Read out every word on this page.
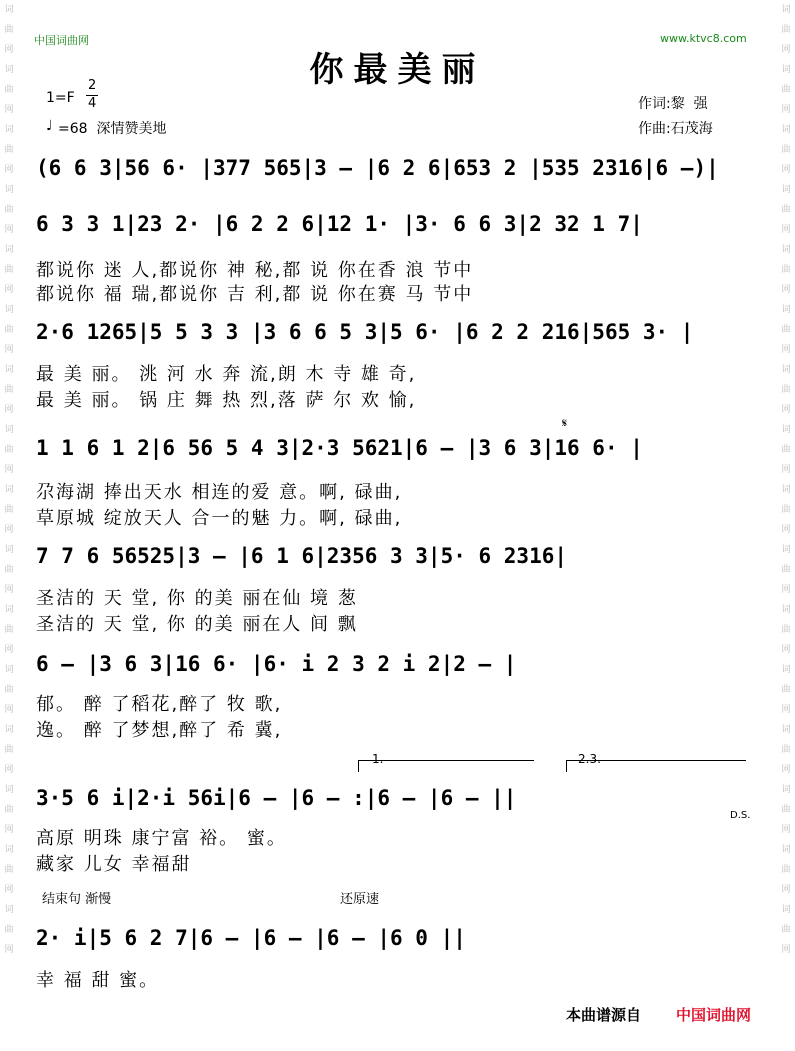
词曲网词曲网词曲网词曲网词曲网词曲网词曲网词曲网词曲网词曲网词曲网词曲网词曲网词曲网词曲网词曲网
词曲网词曲网词曲网词曲网词曲网词曲网词曲网词曲网词曲网词曲网词曲网词曲网词曲网词曲网词曲网词曲网
中国词曲网	www.ktvc8.com
你最美丽
1=F
2
4
♩ =68  深情赞美地
作词:黎  强
作曲:石茂海
(6 6 3|56 6· |377 565|3 – |6 2 6|653 2 |535 2316|6 –)|
6 3 3 1|23 2· |6 2 2 6|12 1· |3· 6 6 3|2 32 1 7|
都说你 迷 人,都说你 神 秘,都 说 你在香 浪 节中
都说你 福 瑞,都说你 吉 利,都 说 你在赛 马 节中
2·6 1265|5 5 3 3 |3 6 6 5 3|5 6· |6 2 2 216|565 3· |
最 美 丽。 洮 河 水 奔 流,朗 木 寺 雄 奇,
最 美 丽。 锅 庄 舞 热 烈,落 萨 尔 欢 愉,
1 1 6 1 2|6 56 5 4 3|2·3 5621|6 – |3 6 3|16 6· |
𝄋
尕海湖 捧出天水 相连的爱 意。啊, 碌曲,
草原城 绽放天人 合一的魅 力。啊, 碌曲,
7 7 6 56525|3 – |6 1 6|2356 3 3|5· 6 2316|
圣洁的 天 堂, 你 的美 丽在仙 境 葱
圣洁的 天 堂, 你 的美 丽在人 间 飘
6 – |3 6 3|16 6· |6· i 2 3 2 i 2|2 – |
郁。 醉 了稻花,醉了 牧 歌,
逸。 醉 了梦想,醉了 希 冀,
1.	2.3.
3·5 6 i|2·i 56i|6 – |6 – :|6 – |6 – ||
D.S.
高原 明珠 康宁富 裕。 蜜。
藏家 儿女 幸福甜
结束句 渐慢	还原速
2· i|5 6 2 7|6 – |6 – |6 – |6 0 ||
幸 福 甜 蜜。
本曲谱源自 中国词曲网
